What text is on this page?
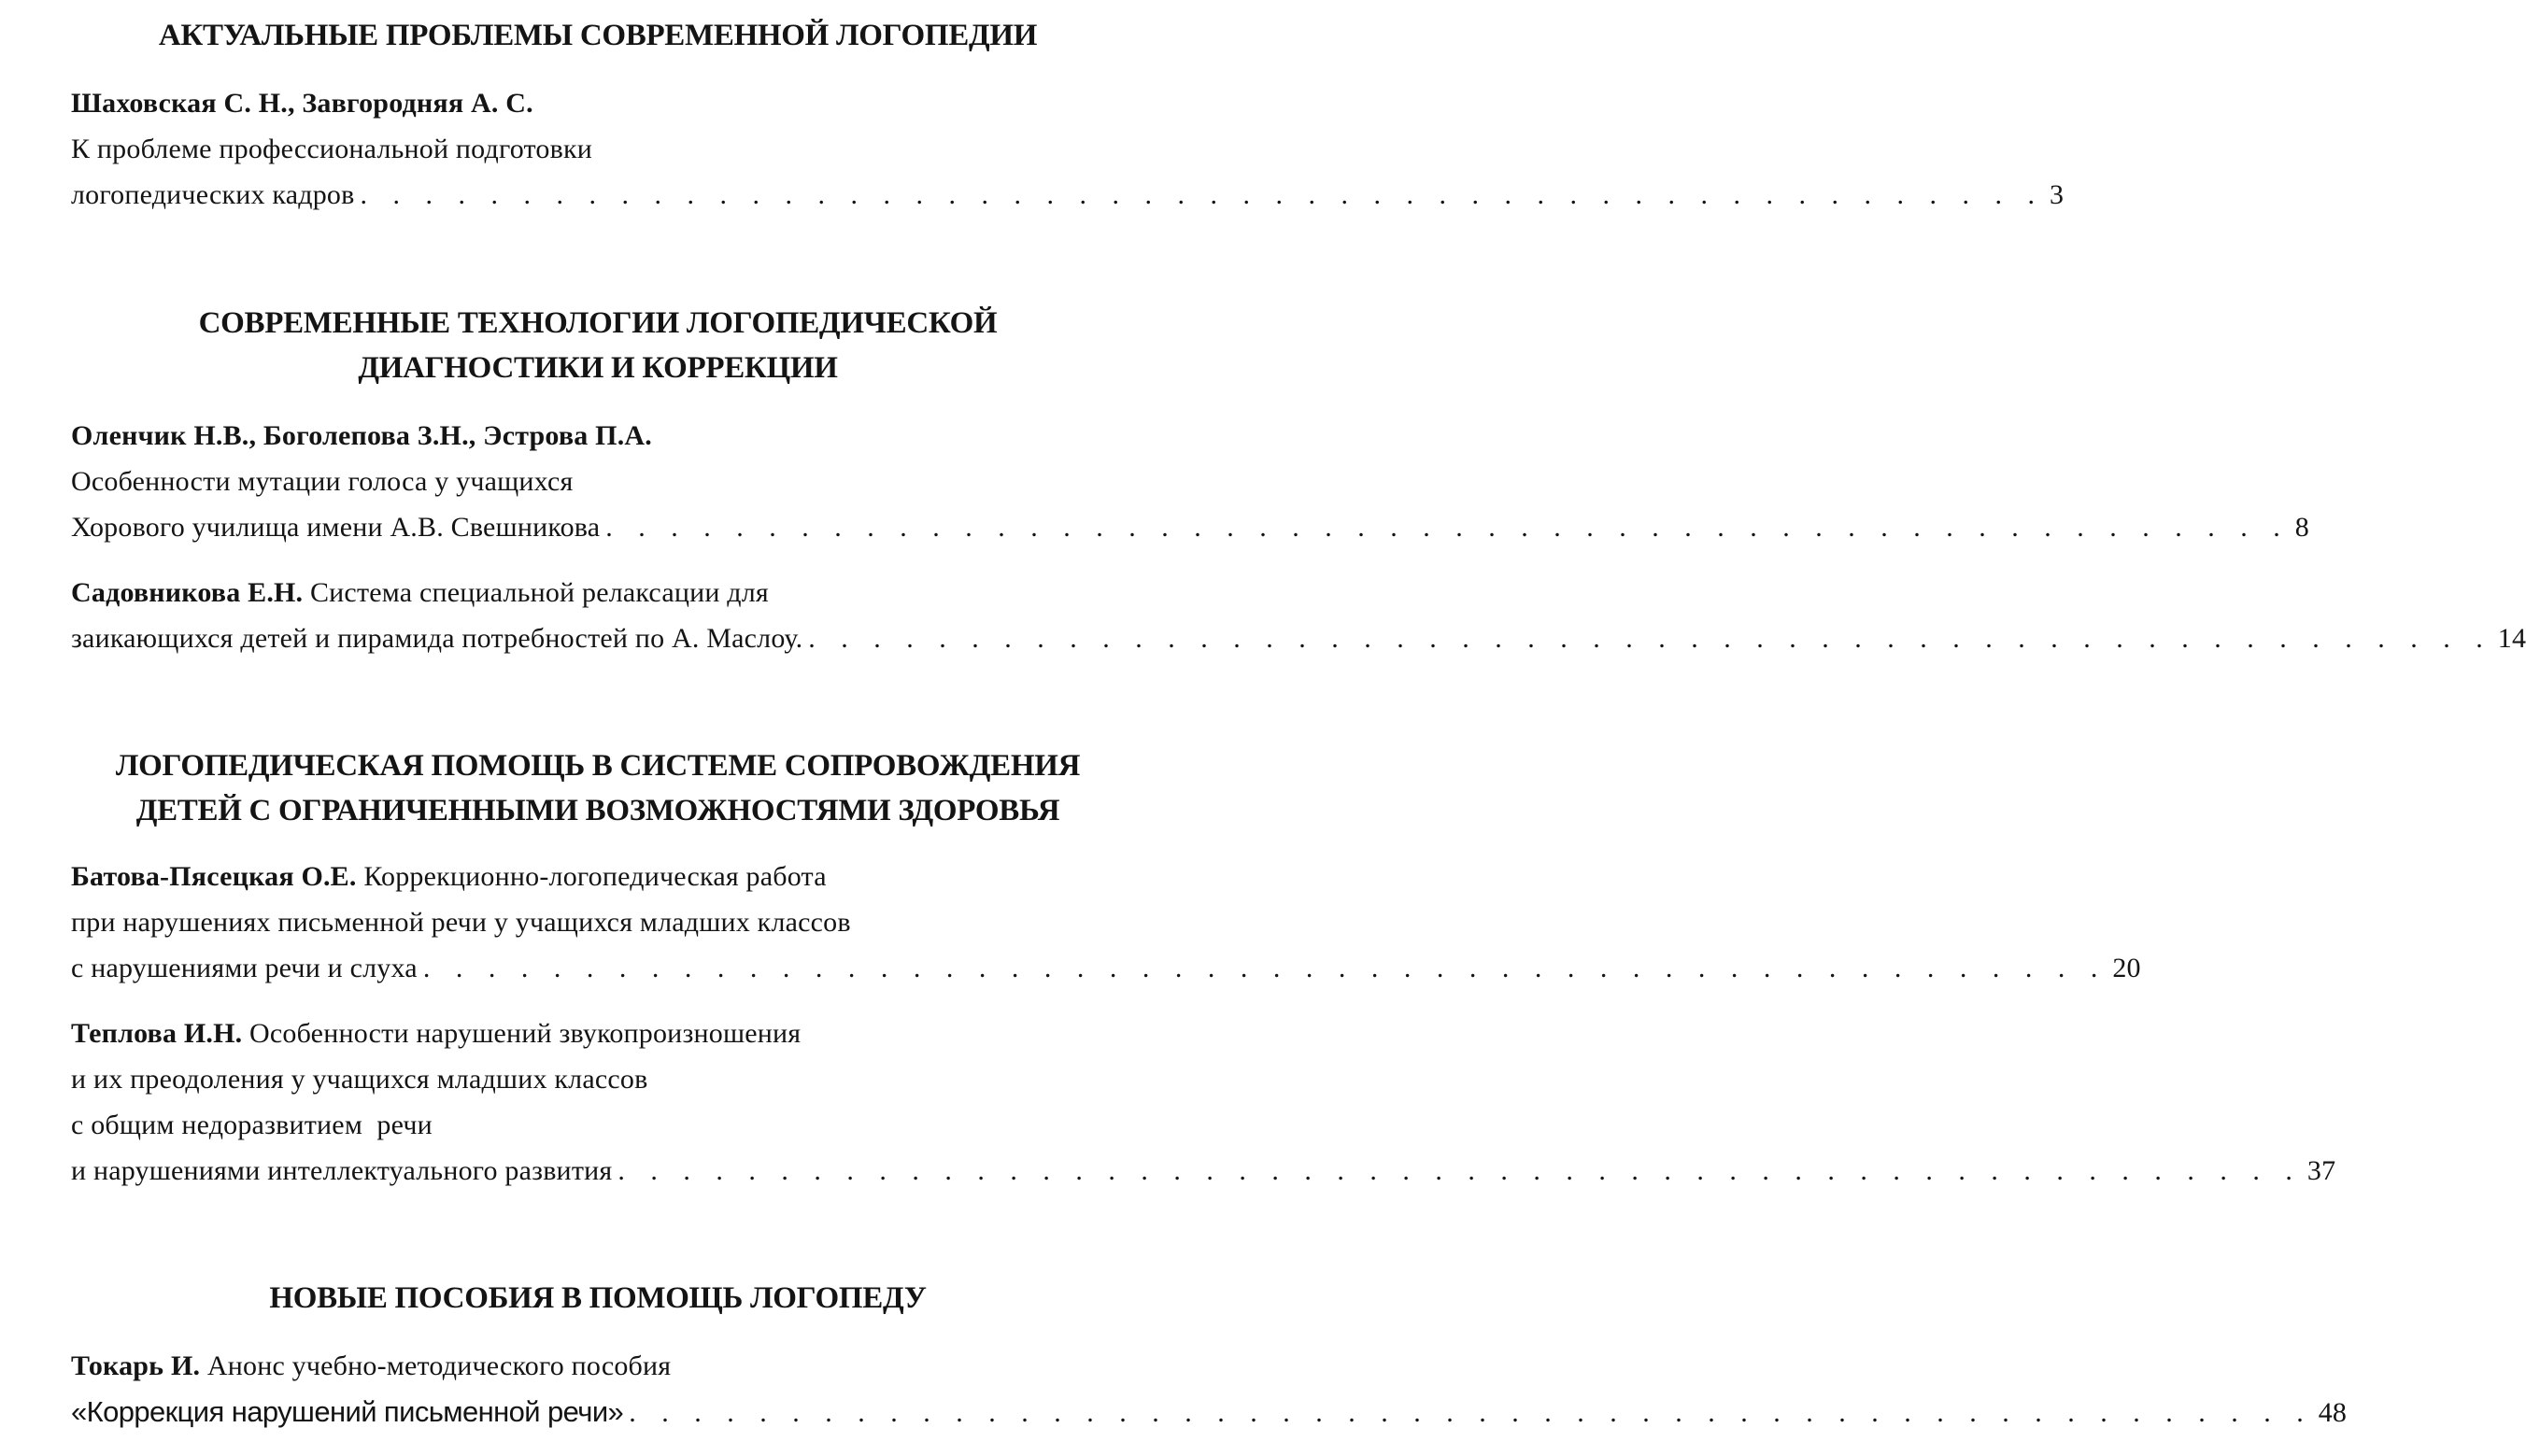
АКТУАЛЬНЫЕ ПРОБЛЕМЫ СОВРЕМЕННОЙ ЛОГОПЕДИИ

Шаховская С. Н., Завгородняя А. С.

К проблеме профессиональной подготовки

логопедических кадров . . . . . . . . . . . . . . . . . . . . . . . . . . . . . . . . . . . . . . . . . . . . . . . . . . . . 3

СОВРЕМЕННЫЕ ТЕХНОЛОГИИ ЛОГОПЕДИЧЕСКОЙ

ДИАГНОСТИКИ И КОРРЕКЦИИ

Оленчик Н.В., Боголепова З.Н., Эстрова П.А.

Особенности мутации голоса у учащихся

Хорового училища имени А.В. Свешникова . . . . . . . . . . . . . . . . . . . . . . . . . . . . . . . . . . . . . . . . . . . . . . . . . . . . 8

Садовникова Е.Н. Система специальной релаксации для

заикающихся детей и пирамида потребностей по А. Маслоу. . . . . . . . . . . . . . . . . . . . . . . . . . . . . . . . . . . . . . . . . . . . . . . . . . . . . 14

ЛОГОПЕДИЧЕСКАЯ ПОМОЩЬ В СИСТЕМЕ СОПРОВОЖДЕНИЯ

ДЕТЕЙ С ОГРАНИЧЕННЫМИ ВОЗМОЖНОСТЯМИ ЗДОРОВЬЯ

Батова-Пясецкая О.Е. Коррекционно-логопедическая работа

при нарушениях письменной речи у учащихся младших классов

с нарушениями речи и слуха . . . . . . . . . . . . . . . . . . . . . . . . . . . . . . . . . . . . . . . . . . . . . . . . . . . . 20

Теплова И.Н. Особенности нарушений звукопроизношения

и их преодоления у учащихся младших классов

с общим недоразвитием  речи

и нарушениями интеллектуального развития . . . . . . . . . . . . . . . . . . . . . . . . . . . . . . . . . . . . . . . . . . . . . . . . . . . . 37

НОВЫЕ ПОСОБИЯ В ПОМОЩЬ ЛОГОПЕДУ

Токарь И. Анонс учебно-методического пособия

«Коррекция нарушений письменной речи» . . . . . . . . . . . . . . . . . . . . . . . . . . . . . . . . . . . . . . . . . . . . . . . . . . . . 48
